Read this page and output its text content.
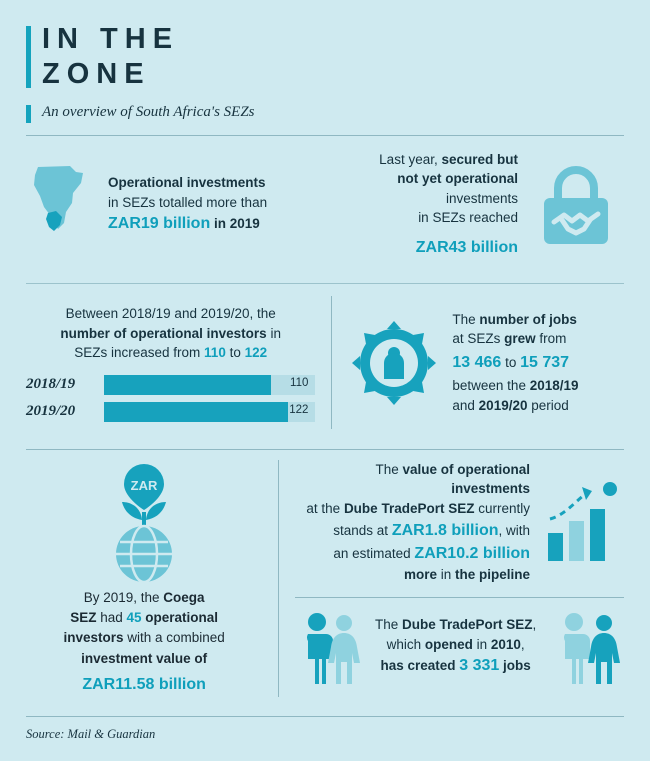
IN THE
ZONE
An overview of South Africa's SEZs
Operational investments
in SEZs totalled more than
ZAR19 billion in 2019
Last year, secured but
not yet operational investments
in SEZs reached
ZAR43 billion
Between 2018/19 and 2019/20, the
number of operational investors in
SEZs increased from 110 to 122
2018/19	110
2019/20	122
The number of jobs
at SEZs grew from
13 466 to 15 737
between the 2018/19
and 2019/20 period
ZAR
By 2019, the Coega
SEZ had 45 operational
investors with a combined
investment value of
ZAR11.58 billion
The value of operational investments
at the Dube TradePort SEZ currently
stands at ZAR1.8 billion, with
an estimated ZAR10.2 billion
more in the pipeline
The Dube TradePort SEZ,
which opened in 2010,
has created 3 331 jobs
Source: Mail & Guardian
